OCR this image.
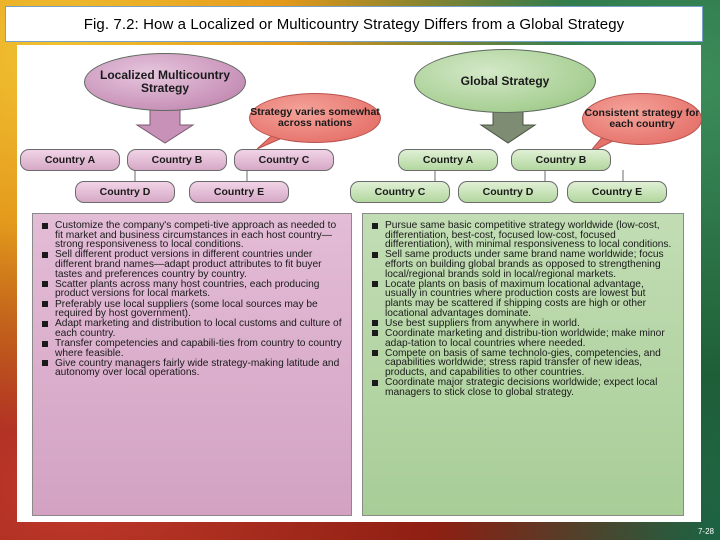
Fig. 7.2: How a Localized or Multicountry Strategy Differs from a Global Strategy
Localized Multicountry Strategy
Global Strategy
Strategy varies somewhat across nations
Consistent strategy for each country
Country A	Country B	Country C
Country D	Country E
Country A	Country B
Country C	Country D	Country E
Customize the company's competi-tive approach as needed to fit market and business circumstances in each host country—strong responsiveness to local conditions.
Sell different product versions in different countries under different brand names—adapt product attributes to fit buyer tastes and preferences country by country.
Scatter plants across many host countries, each producing product versions for local markets.
Preferably use local suppliers (some local sources may be required by host government).
Adapt marketing and distribution to local customs and culture of each country.
Transfer competencies and capabili-ties from country to country where feasible.
Give country managers fairly wide strategy-making latitude and autonomy over local operations.
Pursue same basic competitive strategy worldwide (low-cost, differentiation, best-cost, focused low-cost, focused differentiation), with minimal responsiveness to local conditions.
Sell same products under same brand name worldwide; focus efforts on building global brands as opposed to strengthening local/regional brands sold in local/regional markets.
Locate plants on basis of maximum locational advantage, usually in countries where production costs are lowest but plants may be scattered if shipping costs are high or other locational advantages dominate.
Use best suppliers from anywhere in world.
Coordinate marketing and distribu-tion worldwide; make minor adap-tation to local countries where needed.
Compete on basis of same technolo-gies, competencies, and capabilities worldwide; stress rapid transfer of new ideas, products, and capabilities to other countries.
Coordinate major strategic decisions worldwide; expect local managers to stick close to global strategy.
7-28
